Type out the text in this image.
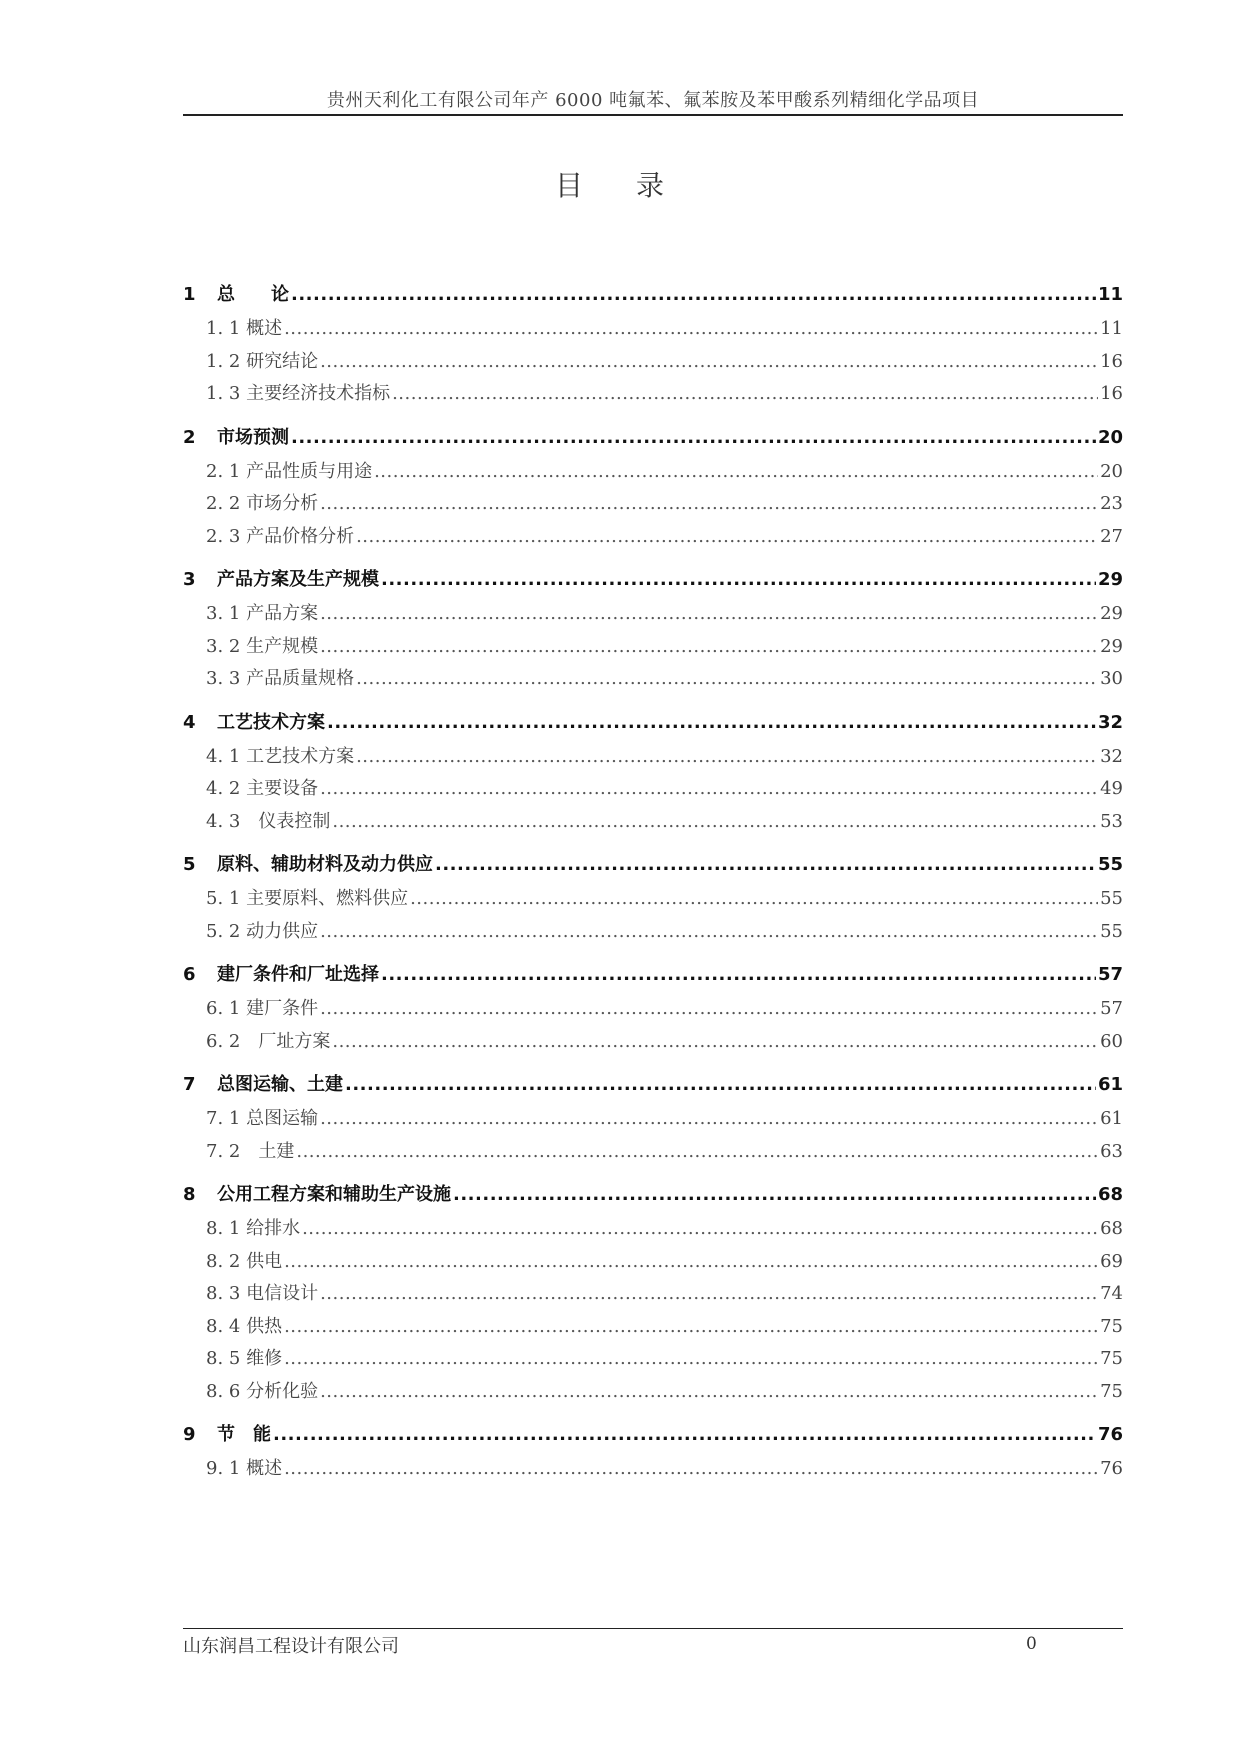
贵州天利化工有限公司年产 6000 吨氟苯、氟苯胺及苯甲酸系列精细化学品项目
目 录
1	总　　论 .....	11
1. 1 概述 .....	11
1. 2 研究结论 .....	16
1. 3 主要经济技术指标 .....	16
2	市场预测 .....	20
2. 1 产品性质与用途 .....	20
2. 2 市场分析 .....	23
2. 3 产品价格分析 .....	27
3	产品方案及生产规模 .....	29
3. 1 产品方案 .....	29
3. 2 生产规模 .....	29
3. 3 产品质量规格 .....	30
4	工艺技术方案 .....	32
4. 1 工艺技术方案 .....	32
4. 2 主要设备 .....	49
4. 3　仪表控制 .....	53
5	原料、辅助材料及动力供应 .....	55
5. 1 主要原料、燃料供应 .....	55
5. 2 动力供应 .....	55
6	建厂条件和厂址选择 .....	57
6. 1 建厂条件 .....	57
6. 2　厂址方案 .....	60
7	总图运输、土建 .....	61
7. 1 总图运输 .....	61
7. 2　土建 .....	63
8	公用工程方案和辅助生产设施 .....	68
8. 1 给排水 .....	68
8. 2 供电 .....	69
8. 3 电信设计 .....	74
8. 4 供热 .....	75
8. 5 维修 .....	75
8. 6 分析化验 .....	75
9	节　能 .....	76
9. 1 概述 .....	76
山东润昌工程设计有限公司	0
